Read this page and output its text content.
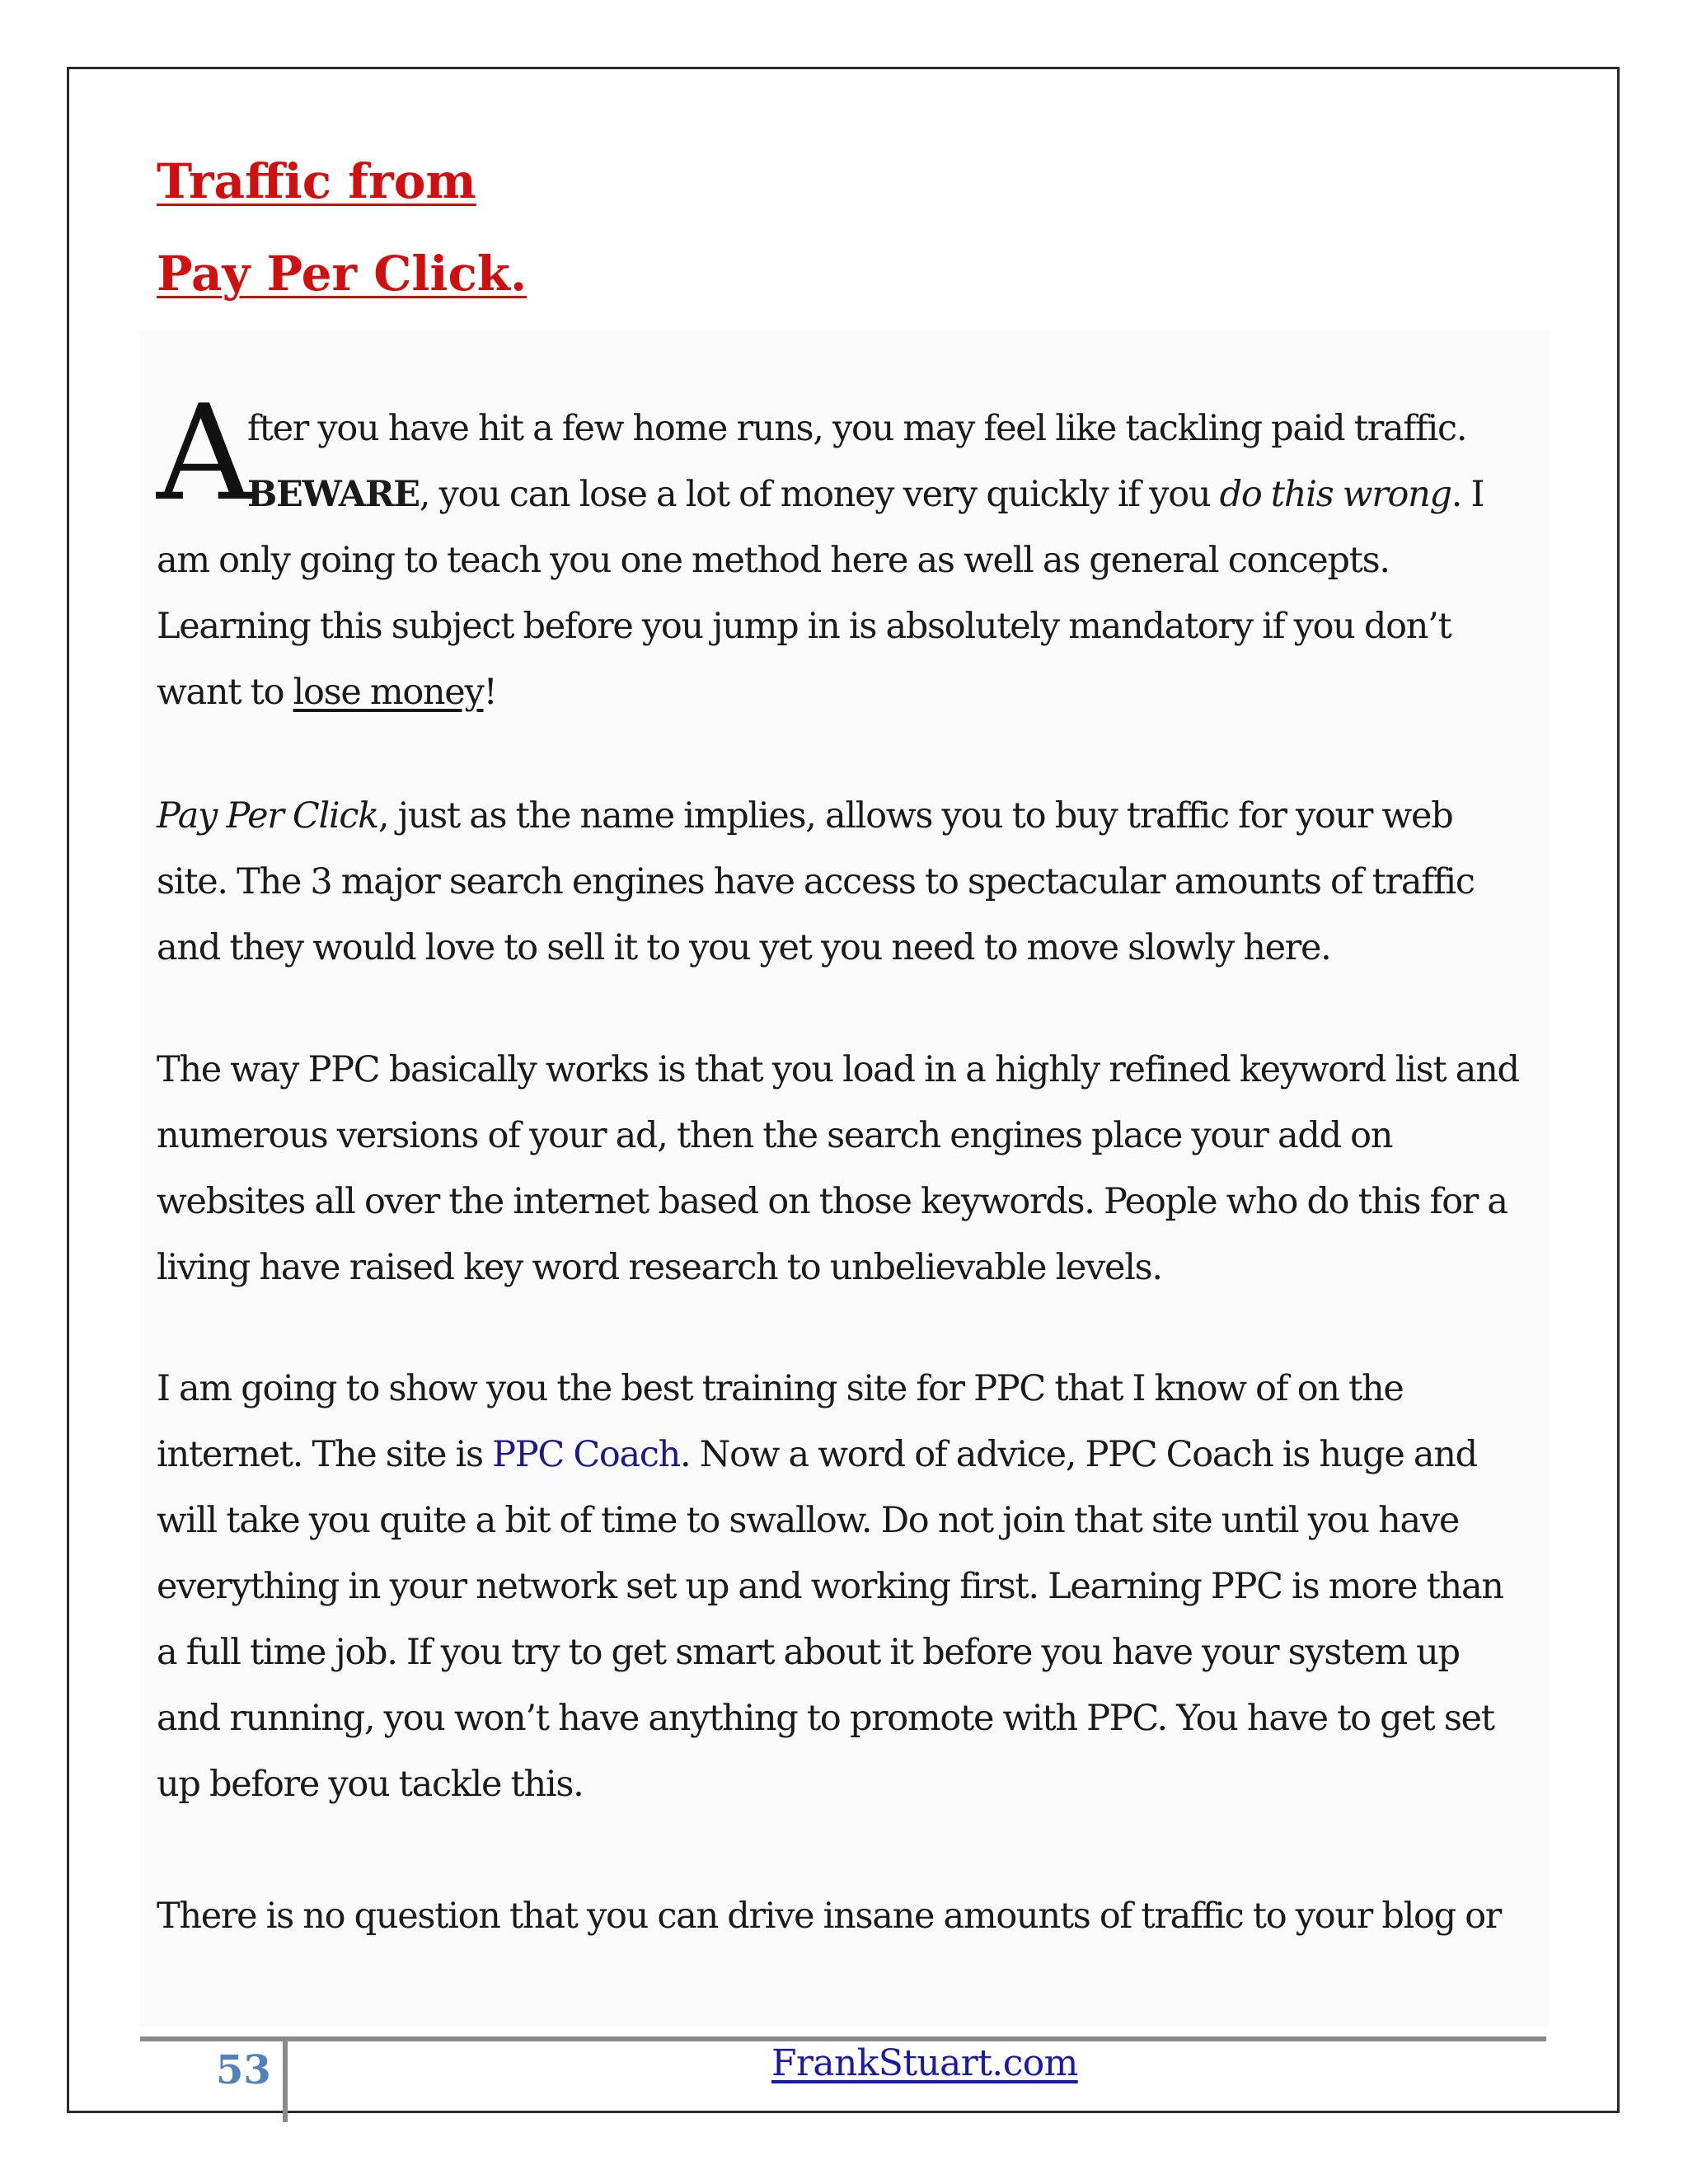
Traffic from
Pay Per Click.
A

fter you have hit a few home runs, you may feel like tackling paid traffic.
BEWARE, you can lose a lot of money very quickly if you do this wrong. I
am only going to teach you one method here as well as general concepts.
Learning this subject before you jump in is absolutely mandatory if you don’t
want to lose money!

Pay Per Click, just as the name implies, allows you to buy traffic for your web
site. The 3 major search engines have access to spectacular amounts of traffic
and they would love to sell it to you yet you need to move slowly here.

The way PPC basically works is that you load in a highly refined keyword list and
numerous versions of your ad, then the search engines place your add on
websites all over the internet based on those keywords. People who do this for a
living have raised key word research to unbelievable levels.

I am going to show you the best training site for PPC that I know of on the
internet. The site is PPC Coach. Now a word of advice, PPC Coach is huge and
will take you quite a bit of time to swallow. Do not join that site until you have
everything in your network set up and working first. Learning PPC is more than
a full time job. If you try to get smart about it before you have your system up
and running, you won’t have anything to promote with PPC. You have to get set
up before you tackle this.

There is no question that you can drive insane amounts of traffic to your blog or

53	FrankStuart.com
